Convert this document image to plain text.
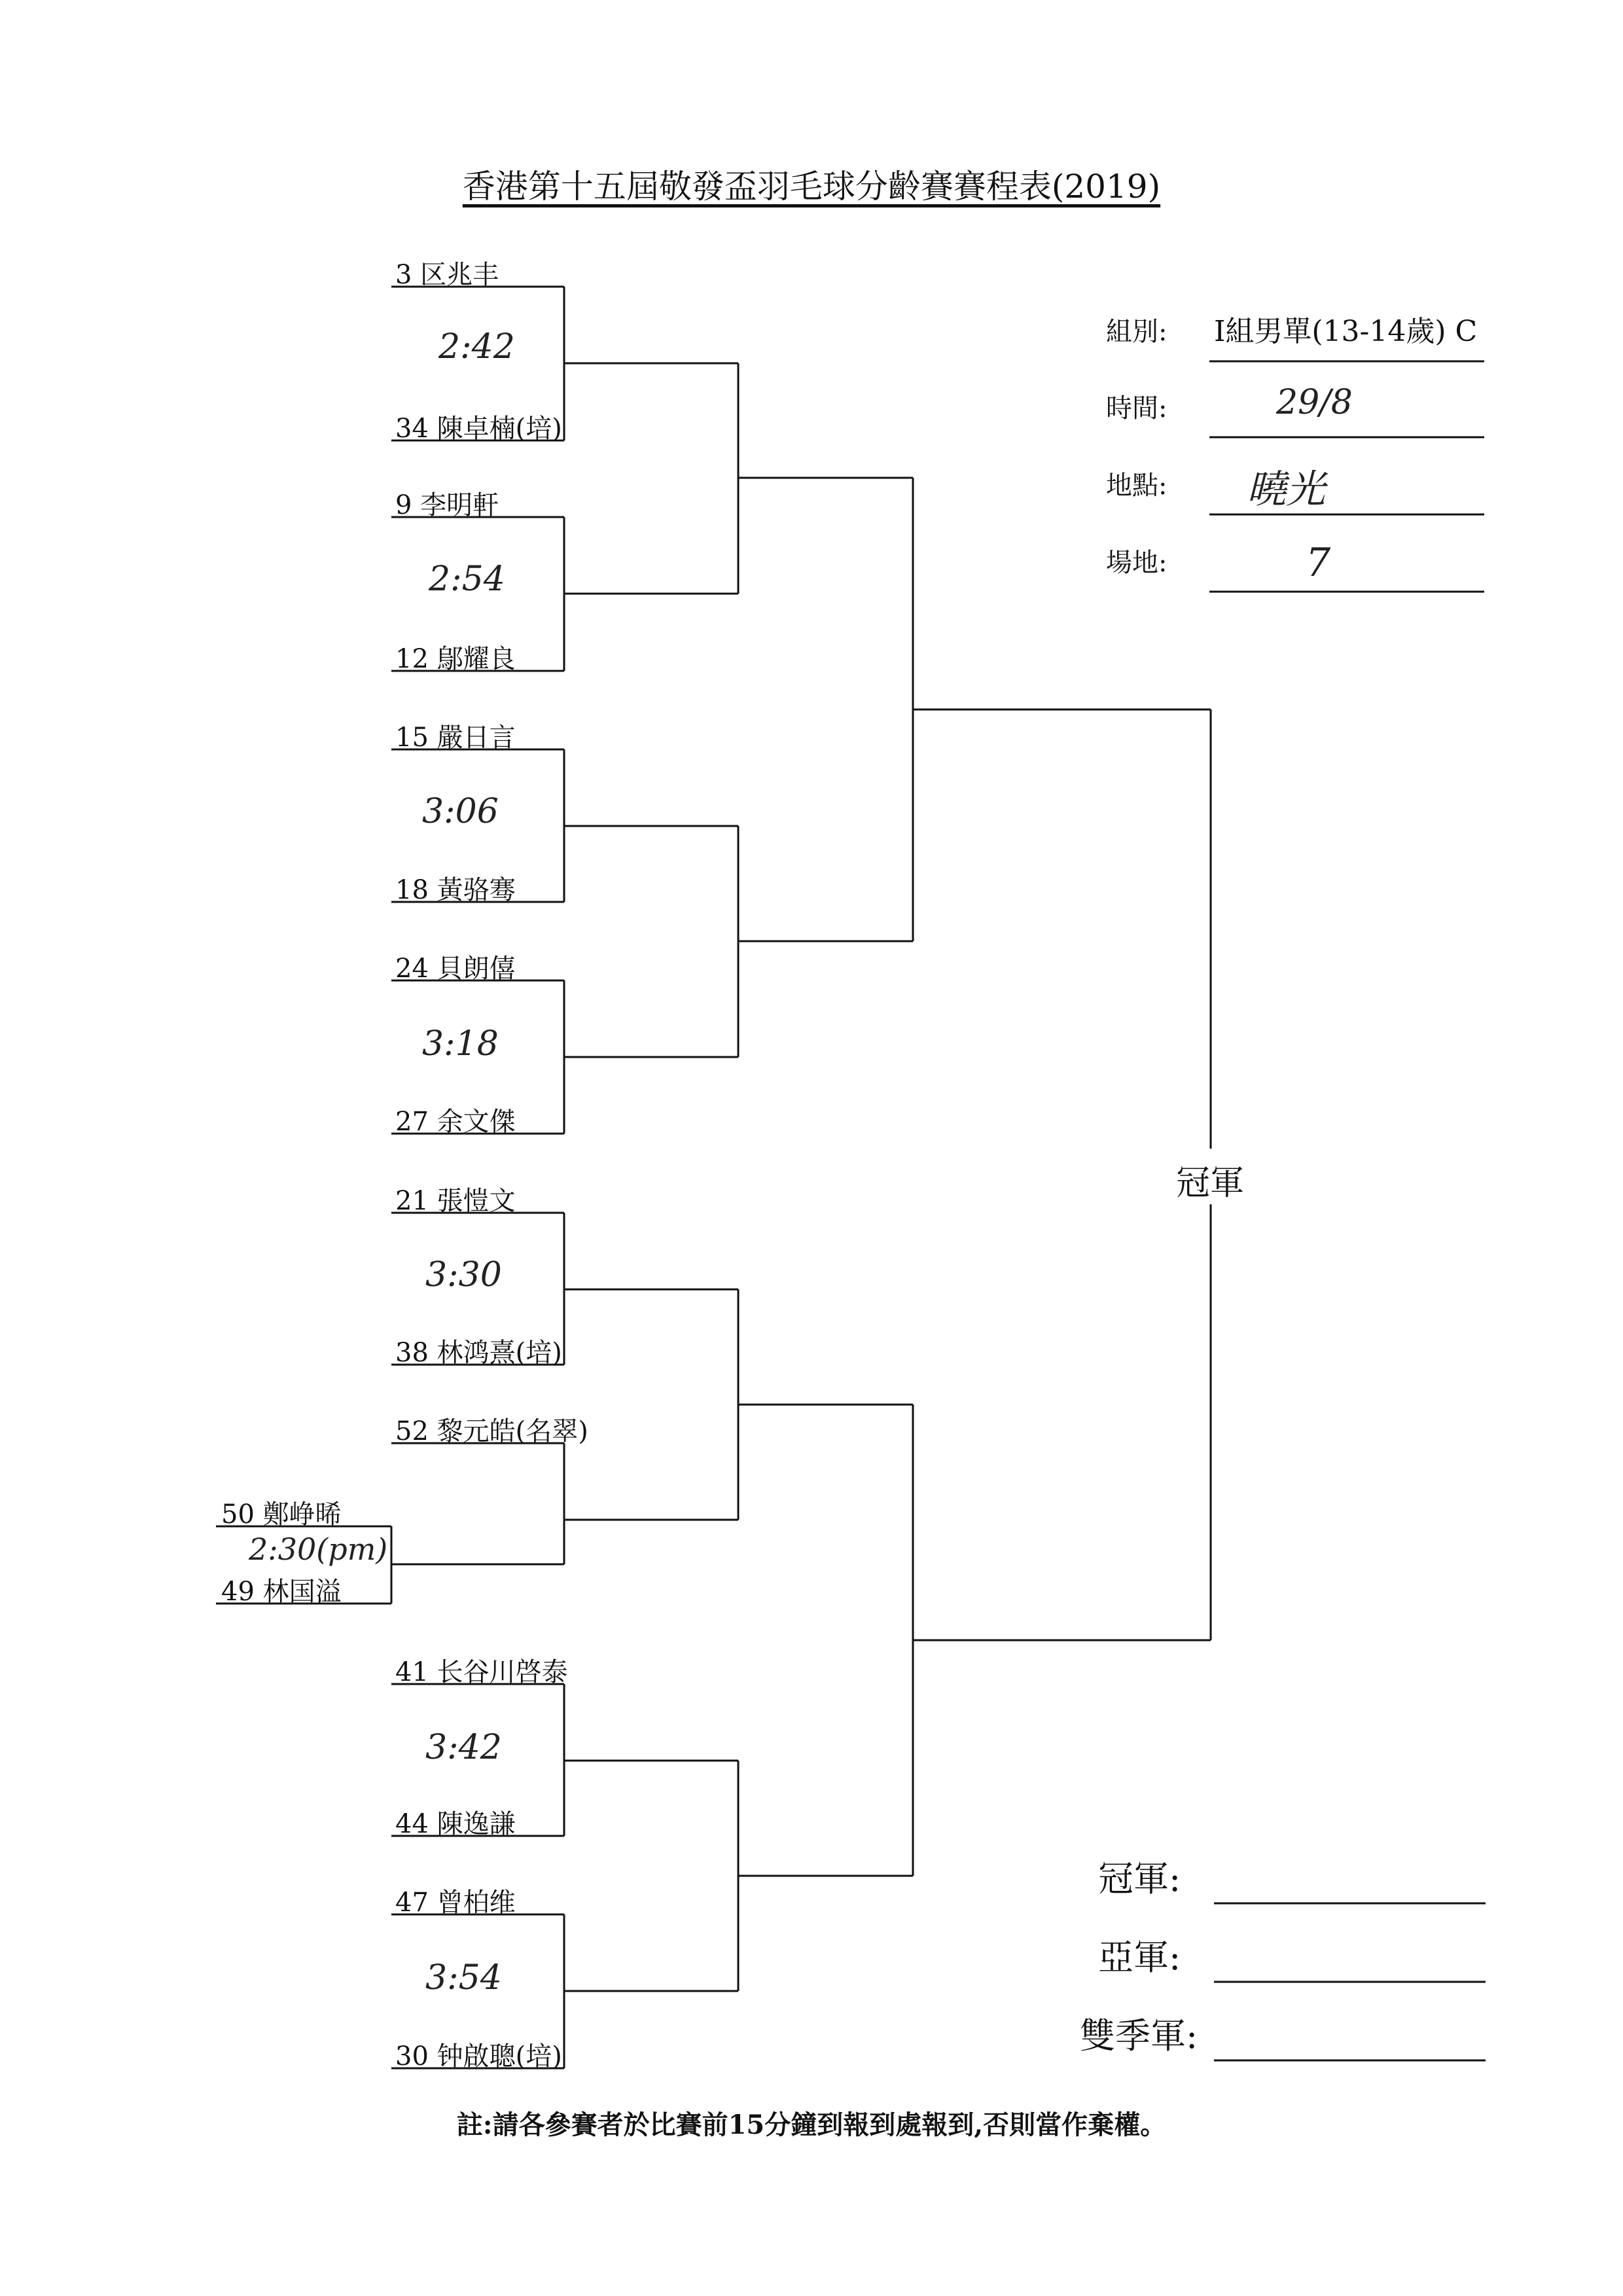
香港第十五屆敬發盃羽毛球分齡賽賽程表(2019)
3 区兆丰
34 陳卓楠(培)
9 李明軒
12 鄔耀良
15 嚴日言
18 黃骆骞
24 貝朗僖
27 余文傑
21 張愷文
38 林鸿熹(培)
52 黎元皓(名翠)
50 鄭峥晞
49 林国溢
41 长谷川啓泰
44 陳逸謙
47 曾柏维
30 钟啟聰(培)
2:42
2:54
3:06
3:18
3:30
2:30(pm)
3:42
3:54
組別: I組男單(13-14歲) C
時間:	29/8
地點: 曉光
場地:	7
冠軍
冠軍:
亞軍:
雙季軍:
註:請各參賽者於比賽前15分鐘到報到處報到,否則當作棄權。
